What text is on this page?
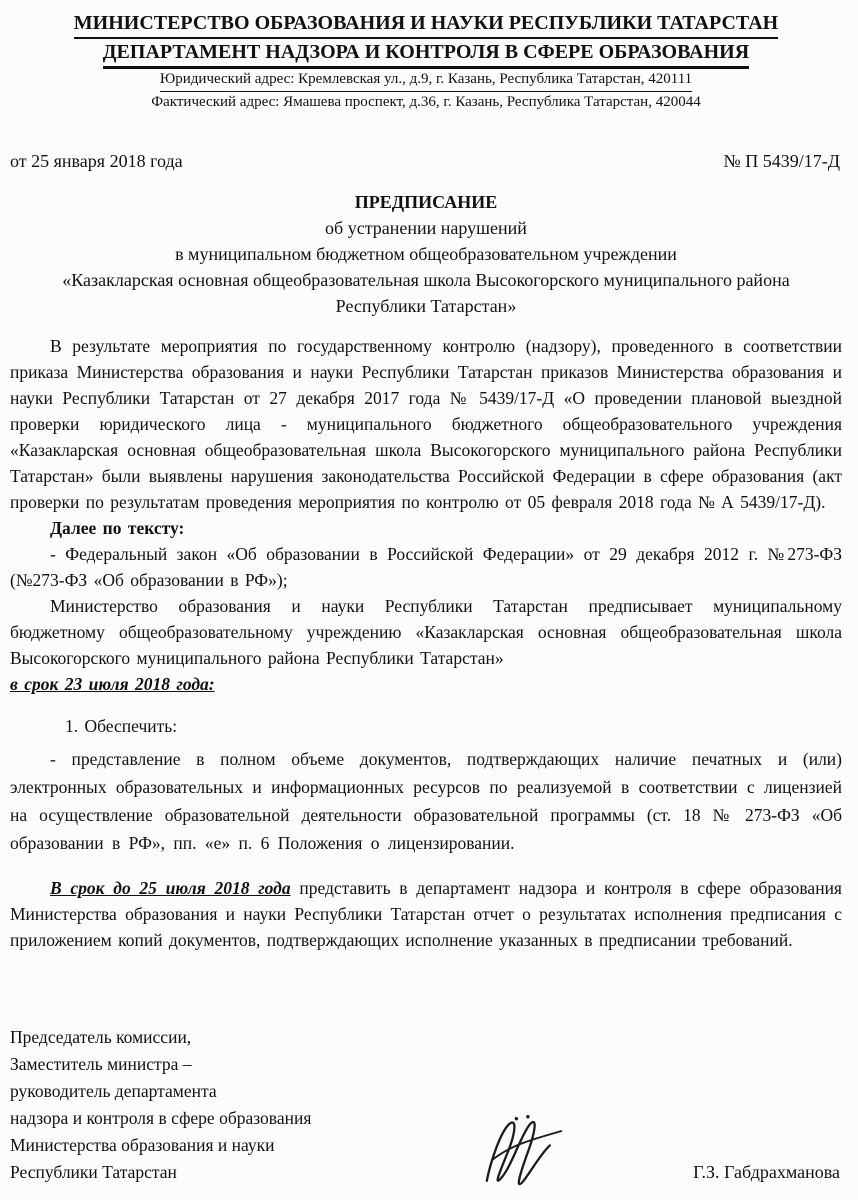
МИНИСТЕРСТВО ОБРАЗОВАНИЯ И НАУКИ РЕСПУБЛИКИ ТАТАРСТАН
ДЕПАРТАМЕНТ НАДЗОРА И КОНТРОЛЯ В СФЕРЕ ОБРАЗОВАНИЯ
Юридический адрес: Кремлевская ул., д.9, г. Казань, Республика Татарстан, 420111
Фактический адрес: Ямашева проспект, д.36, г. Казань, Республика Татарстан, 420044
от 25 января 2018 года	№ П 5439/17-Д
ПРЕДПИСАНИЕ
об устранении нарушений
в муниципальном бюджетном общеобразовательном учреждении
«Казакларская основная общеобразовательная школа Высокогорского муниципального района Республики Татарстан»

В результате мероприятия по государственному контролю (надзору), проведенного в соответствии приказа Министерства образования и науки Республики Татарстан приказов Министерства образования и науки Республики Татарстан от 27 декабря 2017 года № 5439/17-Д «О проведении плановой выездной проверки юридического лица - муниципального бюджетного общеобразовательного учреждения «Казакларская основная общеобразовательная школа Высокогорского муниципального района Республики Татарстан» были выявлены нарушения законодательства Российской Федерации в сфере образования (акт проверки по результатам проведения мероприятия по контролю от 05 февраля 2018 года № А 5439/17-Д).

Далее по тексту:

- Федеральный закон «Об образовании в Российской Федерации» от 29 декабря 2012 г. №273-ФЗ (№273-ФЗ «Об образовании в РФ»);

Министерство образования и науки Республики Татарстан предписывает муниципальному бюджетному общеобразовательному учреждению «Казакларская основная общеобразовательная школа Высокогорского муниципального района Республики Татарстан»

в срок 23 июля 2018 года:

1. Обеспечить:

- представление в полном объеме документов, подтверждающих наличие печатных и (или) электронных образовательных и информационных ресурсов по реализуемой в соответствии с лицензией на осуществление образовательной деятельности образовательной программы (ст. 18 № 273-ФЗ «Об образовании в РФ», пп. «е» п. 6 Положения о лицензировании.

В срок до 25 июля 2018 года представить в департамент надзора и контроля в сфере образования Министерства образования и науки Республики Татарстан отчет о результатах исполнения предписания с приложением копий документов, подтверждающих исполнение указанных в предписании требований.

Председатель комиссии,
Заместитель министра –
руководитель департамента
надзора и контроля в сфере образования
Министерства образования и науки
Республики Татарстан	Г.З. Габдрахманова
